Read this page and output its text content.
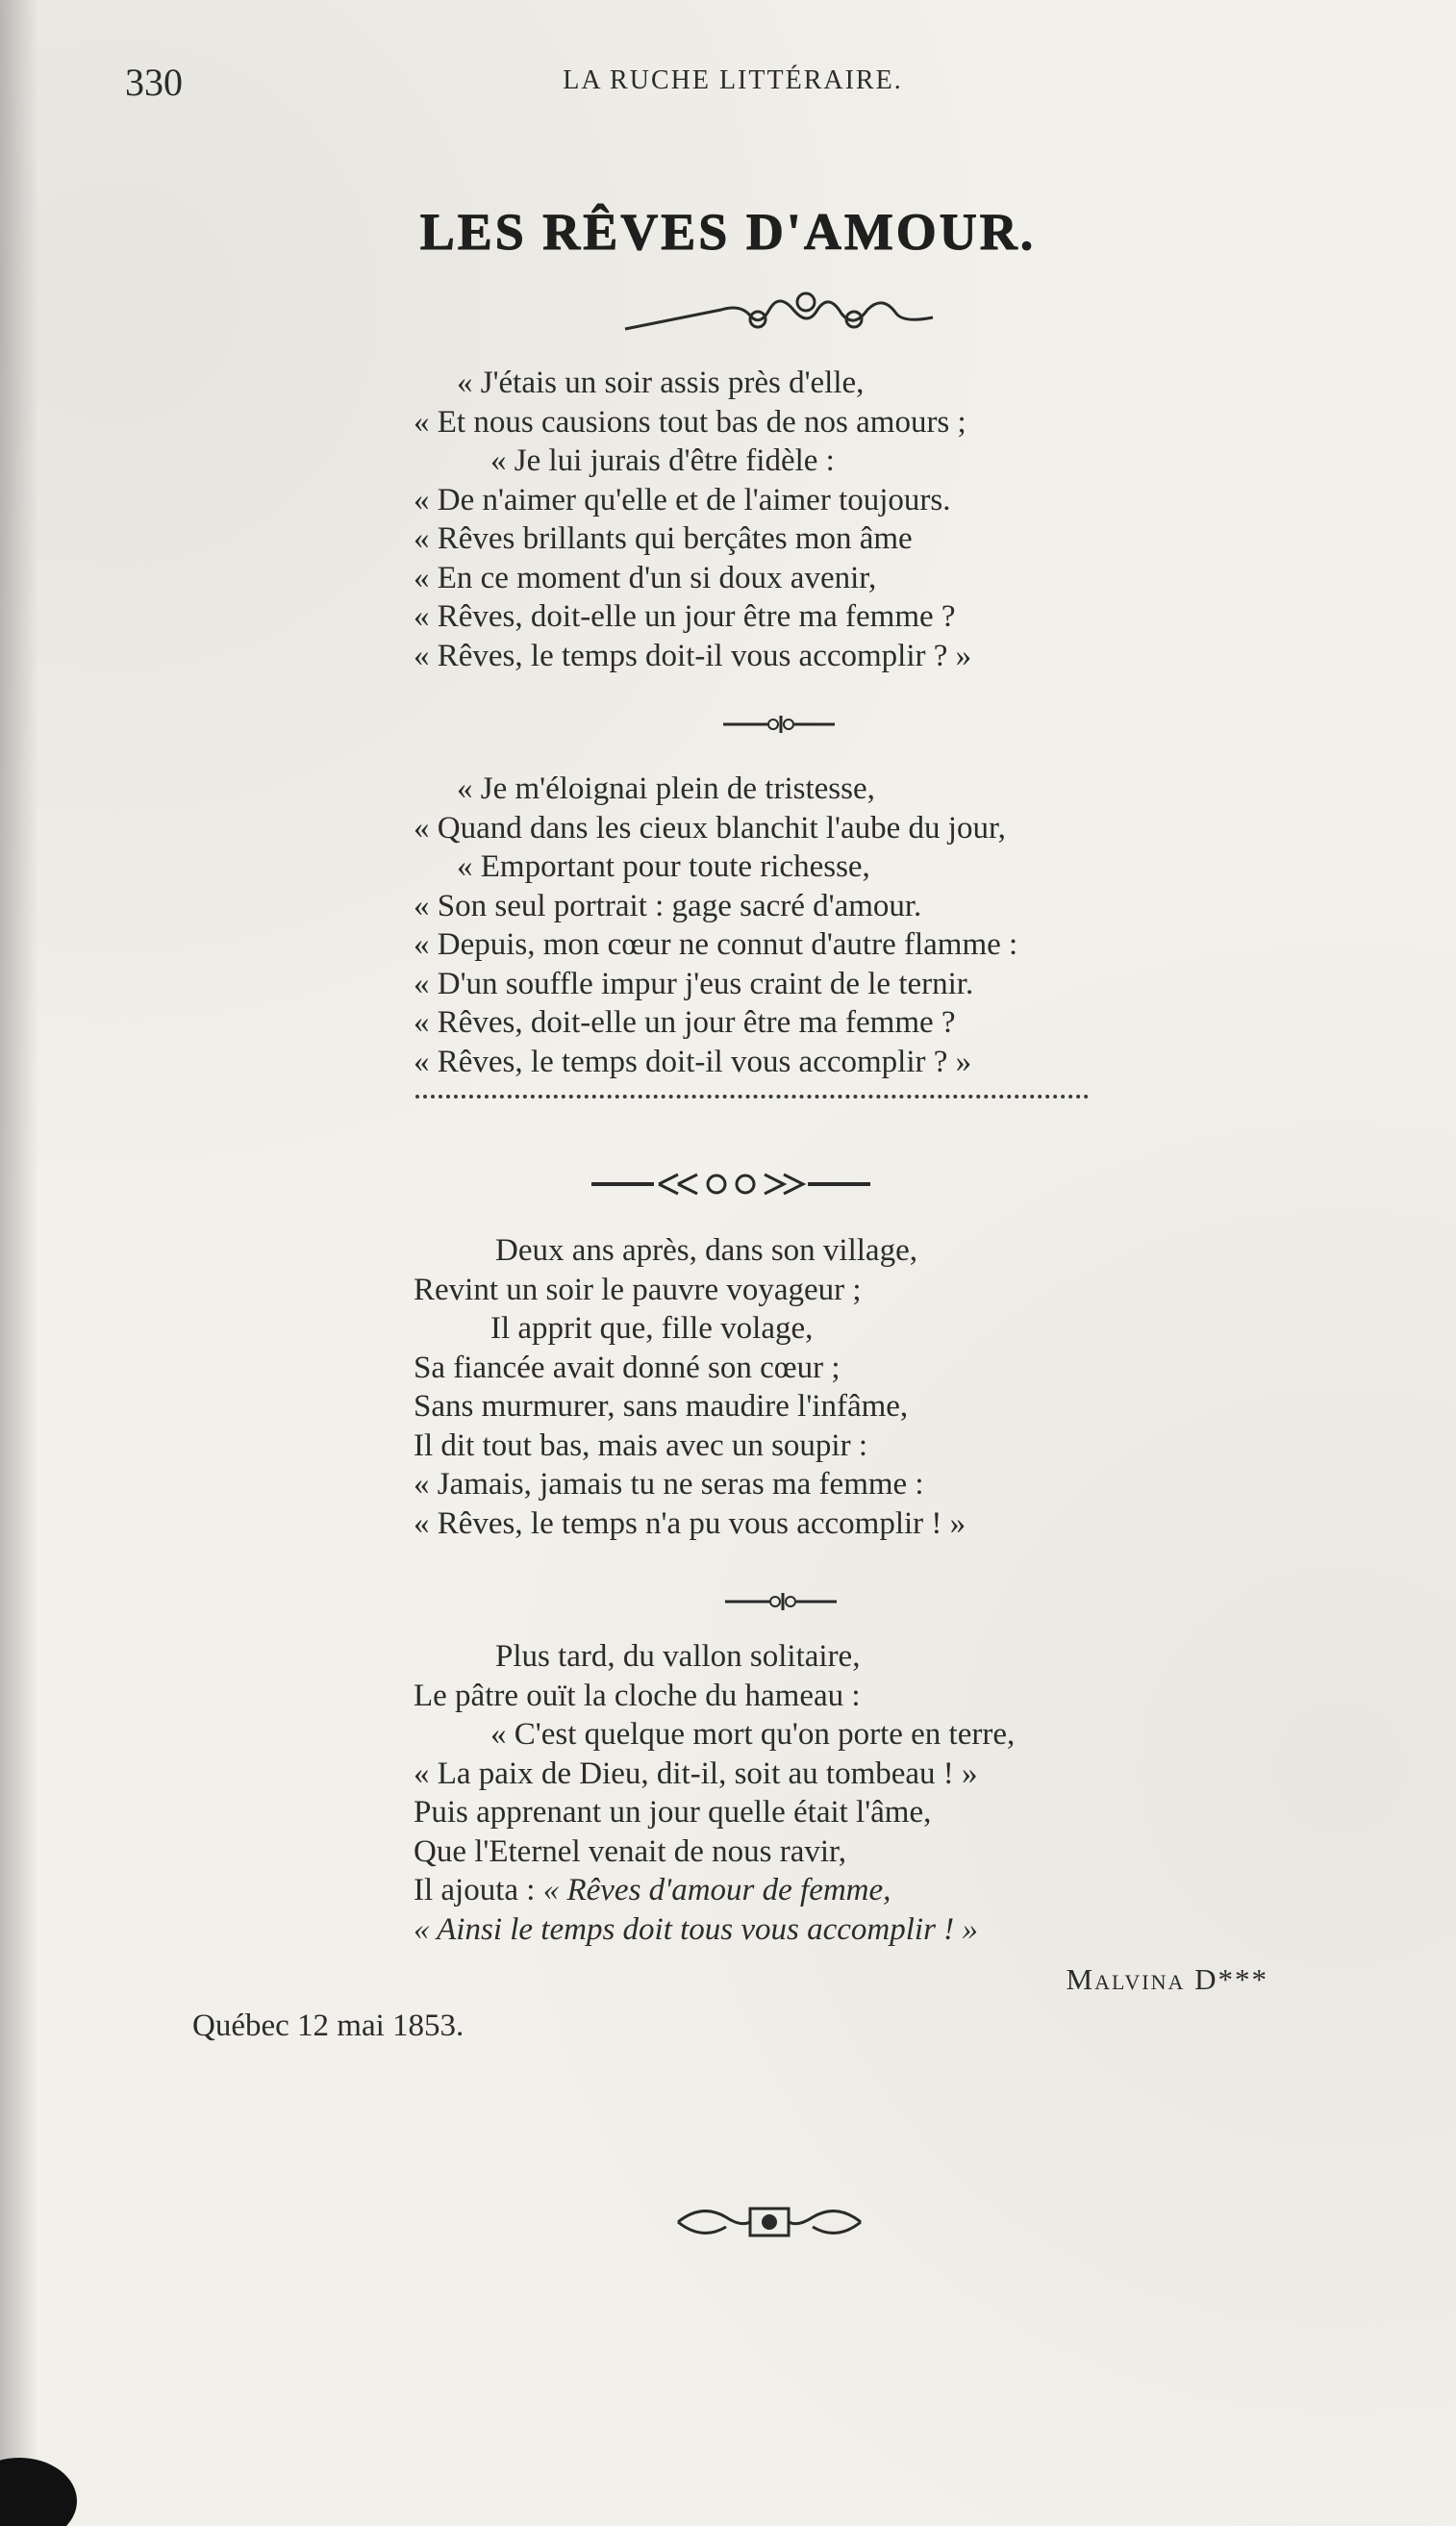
330	LA RUCHE LITTÉRAIRE.
LES RÊVES D'AMOUR.
« J'étais un soir assis près d'elle,
« Et nous causions tout bas de nos amours ;
« Je lui jurais d'être fidèle :
« De n'aimer qu'elle et de l'aimer toujours.
« Rêves brillants qui berçâtes mon âme
« En ce moment d'un si doux avenir,
« Rêves, doit-elle un jour être ma femme ?
« Rêves, le temps doit-il vous accomplir ? »
« Je m'éloignai plein de tristesse,
« Quand dans les cieux blanchit l'aube du jour,
« Emportant pour toute richesse,
« Son seul portrait : gage sacré d'amour.
« Depuis, mon cœur ne connut d'autre flamme :
« D'un souffle impur j'eus craint de le ternir.
« Rêves, doit-elle un jour être ma femme ?
« Rêves, le temps doit-il vous accomplir ? »
Deux ans après, dans son village,
Revint un soir le pauvre voyageur ;
Il apprit que, fille volage,
Sa fiancée avait donné son cœur ;
Sans murmurer, sans maudire l'infâme,
Il dit tout bas, mais avec un soupir :
« Jamais, jamais tu ne seras ma femme :
« Rêves, le temps n'a pu vous accomplir ! »
Plus tard, du vallon solitaire,
Le pâtre ouït la cloche du hameau :
« C'est quelque mort qu'on porte en terre,
« La paix de Dieu, dit-il, soit au tombeau ! »
Puis apprenant un jour quelle était l'âme,
Que l'Eternel venait de nous ravir,
Il ajouta : « Rêves d'amour de femme,
« Ainsi le temps doit tous vous accomplir ! »
Malvina D***
Québec 12 mai 1853.
